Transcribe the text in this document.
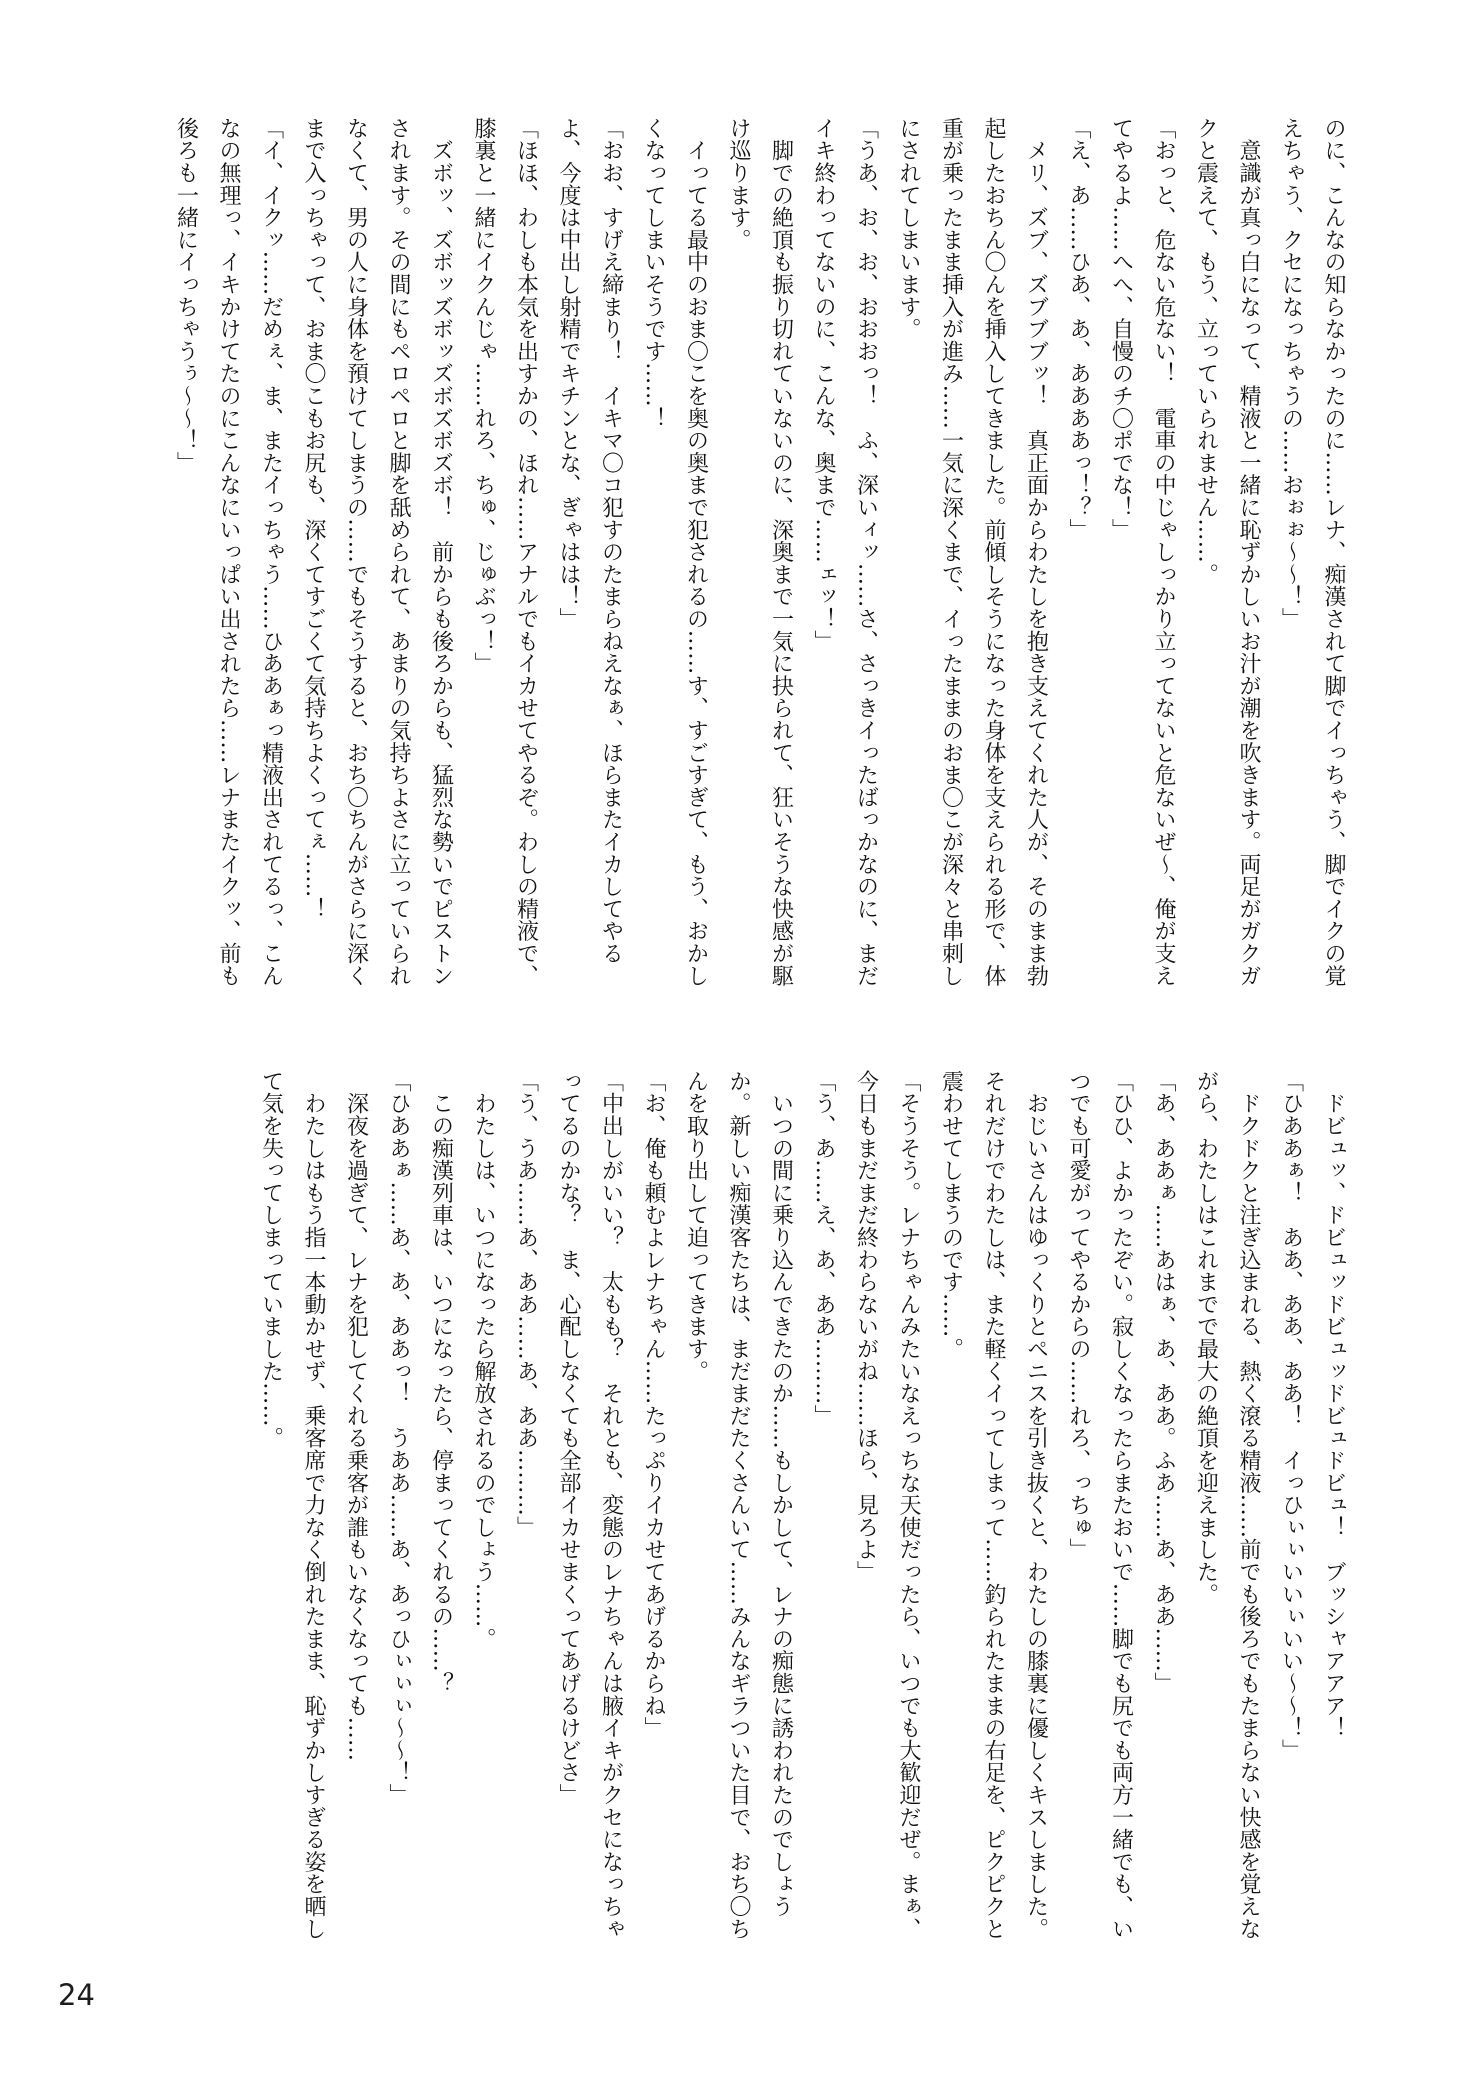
のに、こんなの知らなかったのに……レナ、痴漢されて脚でイっちゃう、脚でイクの覚
えちゃう、クセになっちゃうの……おぉぉ～～！」
　意識が真っ白になって、精液と一緒に恥ずかしいお汁が潮を吹きます。両足がガクガ
クと震えて、もう、立っていられません……。
「おっと、危ない危ない！　電車の中じゃしっかり立ってないと危ないぜ～、俺が支え
てやるよ……へへ、自慢のチ〇ポでな！」
「え、あ……ひあ、あ、ああああっ！？」
　メリ、ズブ、ズブブブッ！　真正面からわたしを抱き支えてくれた人が、そのまま勃
起したおちん〇んを挿入してきました。前傾しそうになった身体を支えられる形で、体
重が乗ったまま挿入が進み……一気に深くまで、イったままのおま〇こが深々と串刺し
にされてしまいます。
「うあ、お、お、おおおっ！　ふ、深いィッ……さ、さっきイったばっかなのに、まだ
イキ終わってないのに、こんな、奥まで……ェッ！」
　脚での絶頂も振り切れていないのに、深奥まで一気に抉られて、狂いそうな快感が駆
け巡ります。
　イってる最中のおま〇こを奥の奥まで犯されるの……す、すごすぎて、もう、おかし
くなってしまいそうです……！
「おお、すげえ締まり！　イキマ〇コ犯すのたまらねえなぁ、ほらまたイカしてやる
よ、今度は中出し射精でキチンとな、ぎゃはは！」
「ほほ、わしも本気を出すかの、ほれ……アナルでもイカせてやるぞ。わしの精液で、
膝裏と一緒にイクんじゃ……れろ、ちゅ、じゅぶっ！」
　ズボッ、ズボッズボッズボズボズボ！　前からも後ろからも、猛烈な勢いでピストン
されます。その間にもペロペロと脚を舐められて、あまりの気持ちよさに立っていられ
なくて、男の人に身体を預けてしまうの……でもそうすると、おち〇ちんがさらに深く
まで入っちゃって、おま〇こもお尻も、深くてすごくて気持ちよくってぇ……！
「イ、イクッ……だめぇ、ま、またイっちゃう……ひああぁっ精液出されてるっ、こん
なの無理っ、イキかけてたのにこんなにいっぱい出されたら……レナまたイクッ、前も
後ろも一緒にイっちゃうぅ～～！」
　ドビュッ、ドビュッドビュッドビュドビュ！　ブッシャアアア！
「ひああぁ！　ああ、ああ、ああ！　イっひぃぃいいぃいい～～！」
　ドクドクと注ぎ込まれる、熱く滾る精液……前でも後ろでもたまらない快感を覚えな
がら、わたしはこれまでで最大の絶頂を迎えました。
「あ、ああぁ……あはぁ、あ、ああ。ふあ……あ、ああ……」
「ひひ、よかったぞい。寂しくなったらまたおいで……脚でも尻でも両方一緒でも、い
つでも可愛がってやるからの……れろ、っちゅ」
　おじいさんはゆっくりとペニスを引き抜くと、わたしの膝裏に優しくキスしました。
それだけでわたしは、また軽くイってしまって……釣られたままの右足を、ピクピクと
震わせてしまうのです……。
「そうそう。レナちゃんみたいなえっちな天使だったら、いつでも大歓迎だぜ。まぁ、
今日もまだまだ終わらないがね……ほら、見ろよ」
「う、あ……え、あ、ああ………」
　いつの間に乗り込んできたのか……もしかして、レナの痴態に誘われたのでしょう
か。新しい痴漢客たちは、まだまだたくさんいて……みんなギラついた目で、おち〇ち
んを取り出して迫ってきます。
「お、俺も頼むよレナちゃん……たっぷりイカせてあげるからね」
「中出しがいい？　太もも？　それとも、変態のレナちゃんは腋イキがクセになっちゃ
ってるのかな？　ま、心配しなくても全部イカせまくってあげるけどさ」
「う、うあ……あ、ああ……あ、ああ………」
　わたしは、いつになったら解放されるのでしょう……。
　この痴漢列車は、いつになったら、停まってくれるの……？
「ひああぁ……あ、あ、ああっ！　うああ……あ、あっひぃぃぃ～～！」
　深夜を過ぎて、レナを犯してくれる乗客が誰もいなくなっても……
　わたしはもう指一本動かせず、乗客席で力なく倒れたまま、恥ずかしすぎる姿を晒し
て気を失ってしまっていました……。
24
